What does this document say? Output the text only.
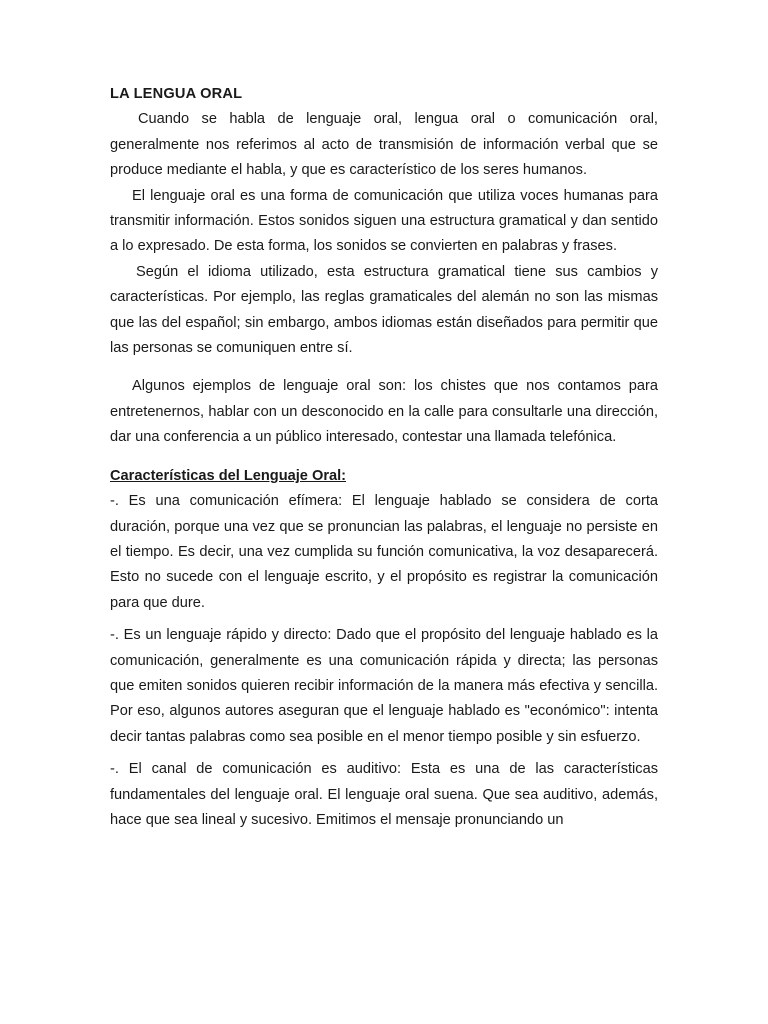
LA LENGUA ORAL

Cuando se habla de lenguaje oral, lengua oral o comunicación oral, generalmente nos referimos al acto de transmisión de información verbal que se produce mediante el habla, y que es característico de los seres humanos.

El lenguaje oral es una forma de comunicación que utiliza voces humanas para transmitir información. Estos sonidos siguen una estructura gramatical y dan sentido a lo expresado. De esta forma, los sonidos se convierten en palabras y frases.

Según el idioma utilizado, esta estructura gramatical tiene sus cambios y características. Por ejemplo, las reglas gramaticales del alemán no son las mismas que las del español; sin embargo, ambos idiomas están diseñados para permitir que las personas se comuniquen entre sí.

Algunos ejemplos de lenguaje oral son: los chistes que nos contamos para entretenernos, hablar con un desconocido en la calle para consultarle una dirección, dar una conferencia a un público interesado, contestar una llamada telefónica.

Características del Lenguaje Oral:

-. Es una comunicación efímera: El lenguaje hablado se considera de corta duración, porque una vez que se pronuncian las palabras, el lenguaje no persiste en el tiempo. Es decir, una vez cumplida su función comunicativa, la voz desaparecerá. Esto no sucede con el lenguaje escrito, y el propósito es registrar la comunicación para que dure.

-. Es un lenguaje rápido y directo: Dado que el propósito del lenguaje hablado es la comunicación, generalmente es una comunicación rápida y directa; las personas que emiten sonidos quieren recibir información de la manera más efectiva y sencilla. Por eso, algunos autores aseguran que el lenguaje hablado es "económico": intenta decir tantas palabras como sea posible en el menor tiempo posible y sin esfuerzo.

-. El canal de comunicación es auditivo: Esta es una de las características fundamentales del lenguaje oral. El lenguaje oral suena. Que sea auditivo, además, hace que sea lineal y sucesivo. Emitimos el mensaje pronunciando un
